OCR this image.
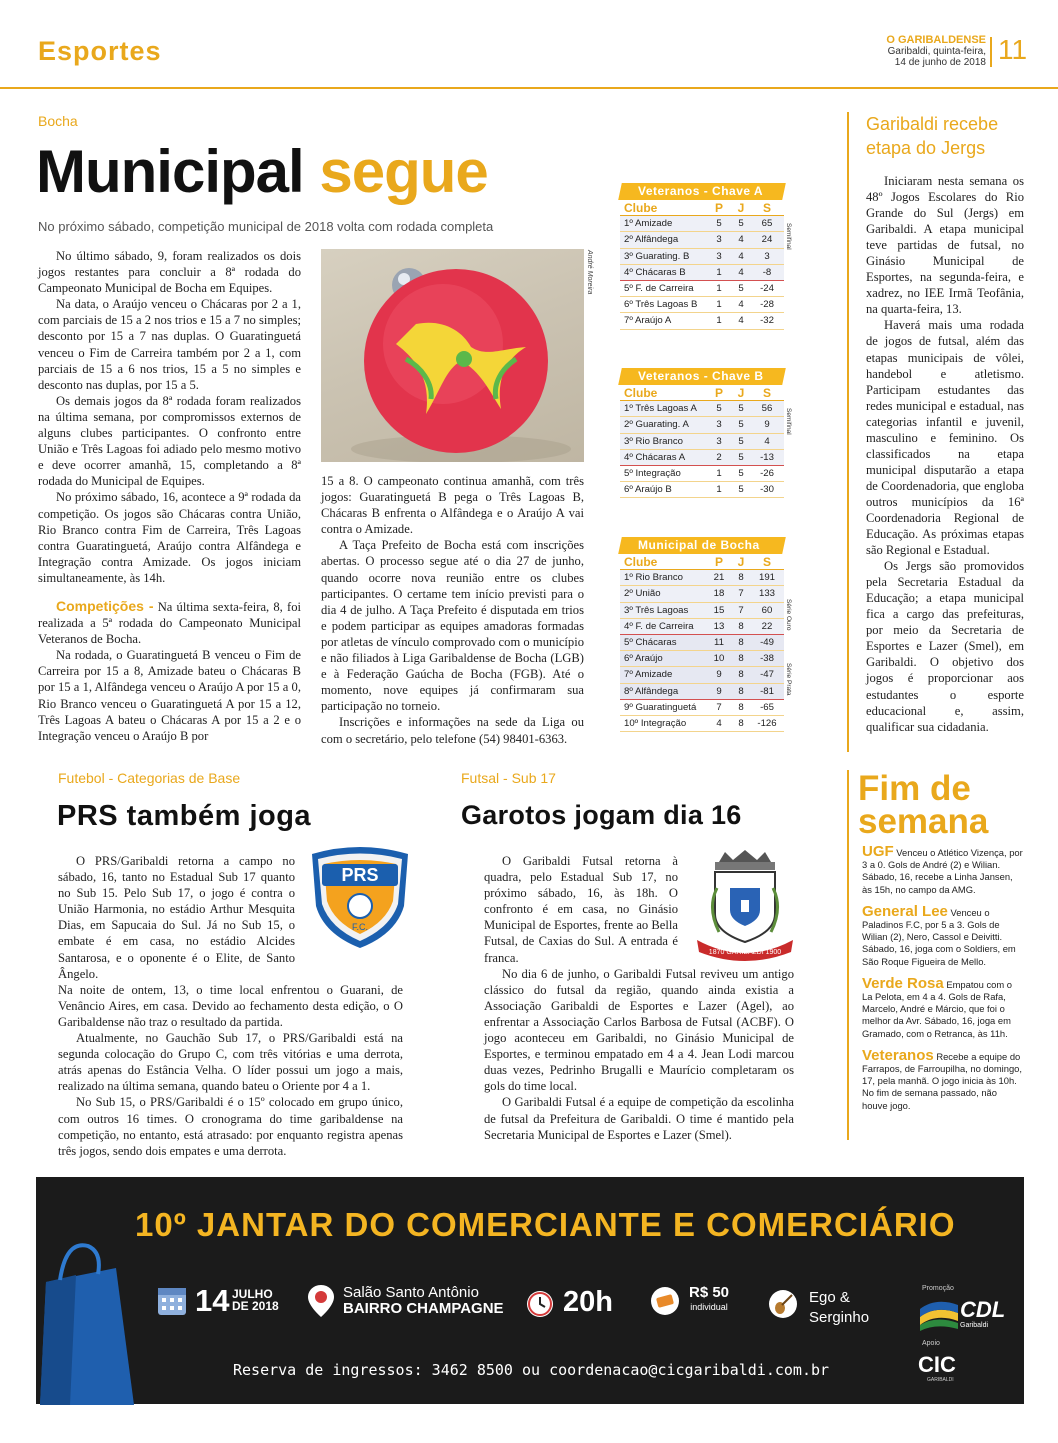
Esportes	O GARIBALDENSE
Garibaldi, quinta-feira,
14 de junho de 2018 11
Bocha
Municipal segue
No próximo sábado, competição municipal de 2018 volta com rodada completa
André Moreira

No último sábado, 9, foram realizados os dois jogos restantes para concluir a 8ª rodada do Campeonato Municipal de Bocha em Equipes.

Na data, o Araújo venceu o Chácaras por 2 a 1, com parciais de 15 a 2 nos trios e 15 a 7 no simples; desconto por 15 a 7 nas duplas. O Guaratinguetá venceu o Fim de Carreira também por 2 a 1, com parciais de 15 a 6 nos trios, 15 a 5 no simples e desconto nas duplas, por 15 a 5.

Os demais jogos da 8ª rodada foram realizados na última semana, por compromissos externos de alguns clubes participantes. O confronto entre União e Três Lagoas foi adiado pelo mesmo motivo e deve ocorrer amanhã, 15, completando a 8ª rodada do Municipal de Equipes.

No próximo sábado, 16, acontece a 9ª rodada da competição. Os jogos são Chácaras contra União, Rio Branco contra Fim de Carreira, Três Lagoas contra Guaratinguetá, Araújo contra Alfândega e Integração contra Amizade. Os jogos iniciam simultaneamente, às 14h.

Competições - Na última sexta-feira, 8, foi realizada a 5ª rodada do Campeonato Municipal Veteranos de Bocha.

Na rodada, o Guaratinguetá B venceu o Fim de Carreira por 15 a 8, Amizade bateu o Chácaras B por 15 a 1, Alfândega venceu o Araújo A por 15 a 0, Rio Branco venceu o Guaratinguetá A por 15 a 12, Três Lagoas A bateu o Chácaras A por 15 a 2 e o Integração venceu o Araújo B por

15 a 8. O campeonato continua amanhã, com três jogos: Guaratinguetá B pega o Três Lagoas B, Chácaras B enfrenta o Alfândega e o Araújo A vai contra o Amizade.

A Taça Prefeito de Bocha está com inscrições abertas. O processo segue até o dia 27 de junho, quando ocorre nova reunião entre os clubes participantes. O certame tem início previsti para o dia 4 de julho. A Taça Prefeito é disputada em trios e podem participar as equipes amadoras formadas por atletas de vínculo comprovado com o município e não filiados à Liga Garibaldense de Bocha (LGB) e à Federação Gaúcha de Bocha (FGB). Até o momento, nove equipes já confirmaram sua participação no torneio.

Inscrições e informações na sede da Liga ou com o secretário, pelo telefone (54) 98401-6363.

Veteranos - Chave A
Clube	P	J	S
1º Amizade	5	5	65
2º Alfândega	3	4	24
3º Guarating. B	3	4	3
4º Chácaras B	1	4	-8
5º F. de Carreira	1	5	-24
6º Três Lagoas B	1	4	-28
7º Araújo A	1	4	-32
Semifinal
Veteranos - Chave B
Clube	P	J	S
1º Três Lagoas A	5	5	56
2º Guarating. A	3	5	9
3º Rio Branco	3	5	4
4º Chácaras A	2	5	-13
5º Integração	1	5	-26
6º Araújo B	1	5	-30
Semifinal
Municipal de Bocha
Clube	P	J	S
1º Rio Branco	21	8	191
2º União	18	7	133
3º Três Lagoas	15	7	60
4º F. de Carreira	13	8	22
5º Chácaras	11	8	-49
6º Araújo	10	8	-38
7º Amizade	9	8	-47
8º Alfândega	9	8	-81
9º Guaratinguetá	7	8	-65
10º Integração	4	8	-126
Série Ouro
Série Prata
Garibaldi recebe etapa do Jergs

Iniciaram nesta semana os 48º Jogos Escolares do Rio Grande do Sul (Jergs) em Garibaldi. A etapa municipal teve partidas de futsal, no Ginásio Municipal de Esportes, na segunda-feira, e xadrez, no IEE Irmã Teofânia, na quarta-feira, 13.

Haverá mais uma rodada de jogos de futsal, além das etapas municipais de vôlei, handebol e atletismo. Participam estudantes das redes municipal e estadual, nas categorias infantil e juvenil, masculino e feminino. Os classificados na etapa municipal disputarão a etapa de Coordenadoria, que engloba outros municípios da 16ª Coordenadoria Regional de Educação. As próximas etapas são Regional e Estadual.

Os Jergs são promovidos pela Secretaria Estadual da Educação; a etapa municipal fica a cargo das prefeituras, por meio da Secretaria de Esportes e Lazer (Smel), em Garibaldi. O objetivo dos jogos é proporcionar aos estudantes o esporte educacional e, assim, qualificar sua cidadania.

Futebol - Categorias de Base
PRS também joga
PRS
F.C.

O PRS/Garibaldi retorna a campo no sábado, 16, tanto no Estadual Sub 17 quanto no Sub 15. Pelo Sub 17, o jogo é contra o União Harmonia, no estádio Arthur Mesquita Dias, em Sapucaia do Sul. Já no Sub 15, o embate é em casa, no estádio Alcides Santarosa, e o oponente é o Elite, de Santo Ângelo.

Na noite de ontem, 13, o time local enfrentou o Guarani, de Venâncio Aires, em casa. Devido ao fechamento desta edição, o O Garibaldense não traz o resultado da partida.

Atualmente, no Gauchão Sub 17, o PRS/Garibaldi está na segunda colocação do Grupo C, com três vitórias e uma derrota, atrás apenas do Estância Velha. O líder possui um jogo a mais, realizado na última semana, quando bateu o Oriente por 4 a 1.

No Sub 15, o PRS/Garibaldi é o 15º colocado em grupo único, com outros 16 times. O cronograma do time garibaldense na competição, no entanto, está atrasado: por enquanto registra apenas três jogos, sendo dois empates e uma derrota.

Futsal - Sub 17
Garotos jogam dia 16
1870 GARIBALDI 1900

O Garibaldi Futsal retorna à quadra, pelo Estadual Sub 17, no próximo sábado, 16, às 18h. O confronto é em casa, no Ginásio Municipal de Esportes, frente ao Bella Futsal, de Caxias do Sul. A entrada é franca.

No dia 6 de junho, o Garibaldi Futsal reviveu um antigo clássico do futsal da região, quando ainda existia a Associação Garibaldi de Esportes e Lazer (Agel), ao enfrentar a Associação Carlos Barbosa de Futsal (ACBF). O jogo aconteceu em Garibaldi, no Ginásio Municipal de Esportes, e terminou empatado em 4 a 4. Jean Lodi marcou duas vezes, Pedrinho Brugalli e Maurício completaram os gols do time local.

O Garibaldi Futsal é a equipe de competição da escolinha de futsal da Prefeitura de Garibaldi. O time é mantido pela Secretaria Municipal de Esportes e Lazer (Smel).

Fim de semana

UGF Venceu o Atlético Vizença, por 3 a 0. Gols de André (2) e Wilian. Sábado, 16, recebe a Linha Jansen, às 15h, no campo da AMG.

General Lee Venceu o Paladinos F.C, por 5 a 3. Gols de Wilian (2), Nero, Cassol e Deivitti. Sábado, 16, joga com o Soldiers, em São Roque Figueira de Mello.

Verde Rosa Empatou com o La Pelota, em 4 a 4. Gols de Rafa, Marcelo, André e Márcio, que foi o melhor da Avr. Sábado, 16, joga em Gramado, com o Retranca, às 11h.

Veteranos Recebe a equipe do Farrapos, de Farroupilha, no domingo, 17, pela manhã. O jogo inicia às 10h. No fim de semana passado, não houve jogo.

10º JANTAR DO COMERCIANTE E COMERCIÁRIO
14 JULHO
DE 2018
Salão Santo Antônio
BAIRRO CHAMPAGNE 20h	R$ 50
individual
Ego &
Serginho
Promoção
CDL
Garibaldi
Apoio
CIC
GARIBALDI
Reserva de ingressos: 3462 8500 ou coordenacao@cicgaribaldi.com.br
